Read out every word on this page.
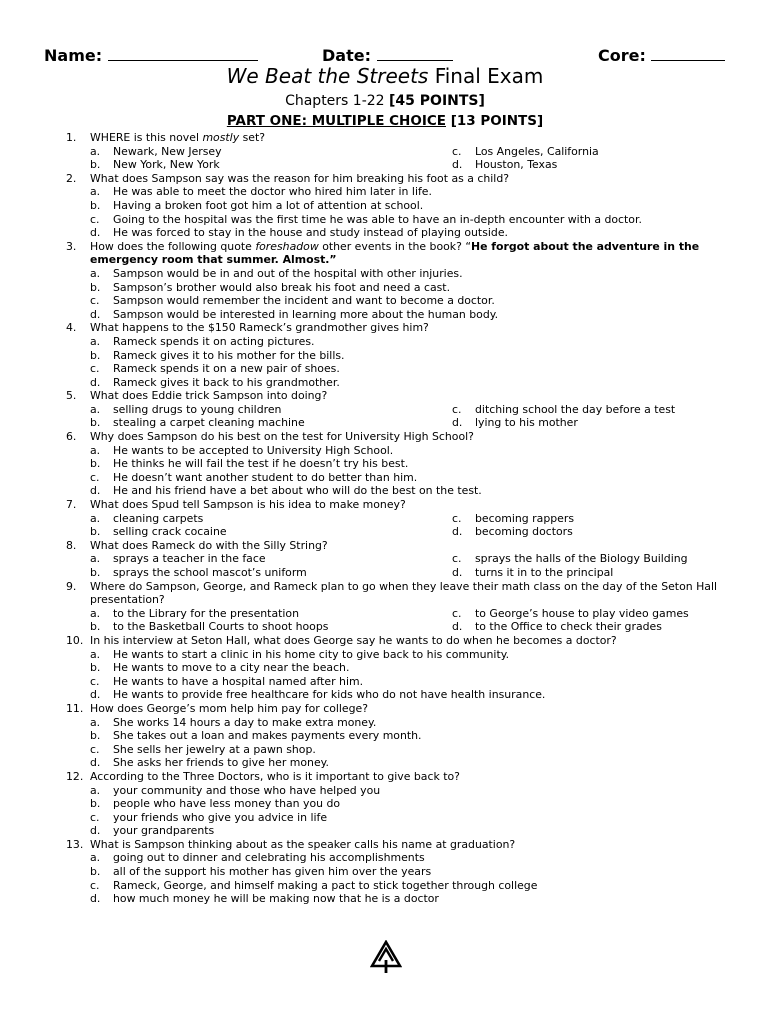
Name:	Date:	Core:
We Beat the Streets Final Exam
Chapters 1-22 [45 POINTS]
PART ONE: MULTIPLE CHOICE [13 POINTS]
1. WHERE is this novel mostly set?
a. Newark, New Jersey	c. Los Angeles, California
b. New York, New York	d. Houston, Texas
2. What does Sampson say was the reason for him breaking his foot as a child?
a. He was able to meet the doctor who hired him later in life.
b. Having a broken foot got him a lot of attention at school.
c. Going to the hospital was the first time he was able to have an in-depth encounter with a doctor.
d. He was forced to stay in the house and study instead of playing outside.
3. How does the following quote foreshadow other events in the book? “He forgot about the adventure in the emergency room that summer. Almost.”
a. Sampson would be in and out of the hospital with other injuries.
b. Sampson’s brother would also break his foot and need a cast.
c. Sampson would remember the incident and want to become a doctor.
d. Sampson would be interested in learning more about the human body.
4. What happens to the $150 Rameck’s grandmother gives him?
a. Rameck spends it on acting pictures.
b. Rameck gives it to his mother for the bills.
c. Rameck spends it on a new pair of shoes.
d. Rameck gives it back to his grandmother.
5. What does Eddie trick Sampson into doing?
a. selling drugs to young children	c. ditching school the day before a test
b. stealing a carpet cleaning machine	d. lying to his mother
6. Why does Sampson do his best on the test for University High School?
a. He wants to be accepted to University High School.
b. He thinks he will fail the test if he doesn’t try his best.
c. He doesn’t want another student to do better than him.
d. He and his friend have a bet about who will do the best on the test.
7. What does Spud tell Sampson is his idea to make money?
a. cleaning carpets	c. becoming rappers
b. selling crack cocaine	d. becoming doctors
8. What does Rameck do with the Silly String?
a. sprays a teacher in the face	c. sprays the halls of the Biology Building
b. sprays the school mascot’s uniform	d. turns it in to the principal
9. Where do Sampson, George, and Rameck plan to go when they leave their math class on the day of the Seton Hall presentation?
a. to the Library for the presentation	c. to George’s house to play video games
b. to the Basketball Courts to shoot hoops	d. to the Office to check their grades
10. In his interview at Seton Hall, what does George say he wants to do when he becomes a doctor?
a. He wants to start a clinic in his home city to give back to his community.
b. He wants to move to a city near the beach.
c. He wants to have a hospital named after him.
d. He wants to provide free healthcare for kids who do not have health insurance.
11. How does George’s mom help him pay for college?
a. She works 14 hours a day to make extra money.
b. She takes out a loan and makes payments every month.
c. She sells her jewelry at a pawn shop.
d. She asks her friends to give her money.
12. According to the Three Doctors, who is it important to give back to?
a. your community and those who have helped you
b. people who have less money than you do
c. your friends who give you advice in life
d. your grandparents
13. What is Sampson thinking about as the speaker calls his name at graduation?
a. going out to dinner and celebrating his accomplishments
b. all of the support his mother has given him over the years
c. Rameck, George, and himself making a pact to stick together through college
d. how much money he will be making now that he is a doctor
